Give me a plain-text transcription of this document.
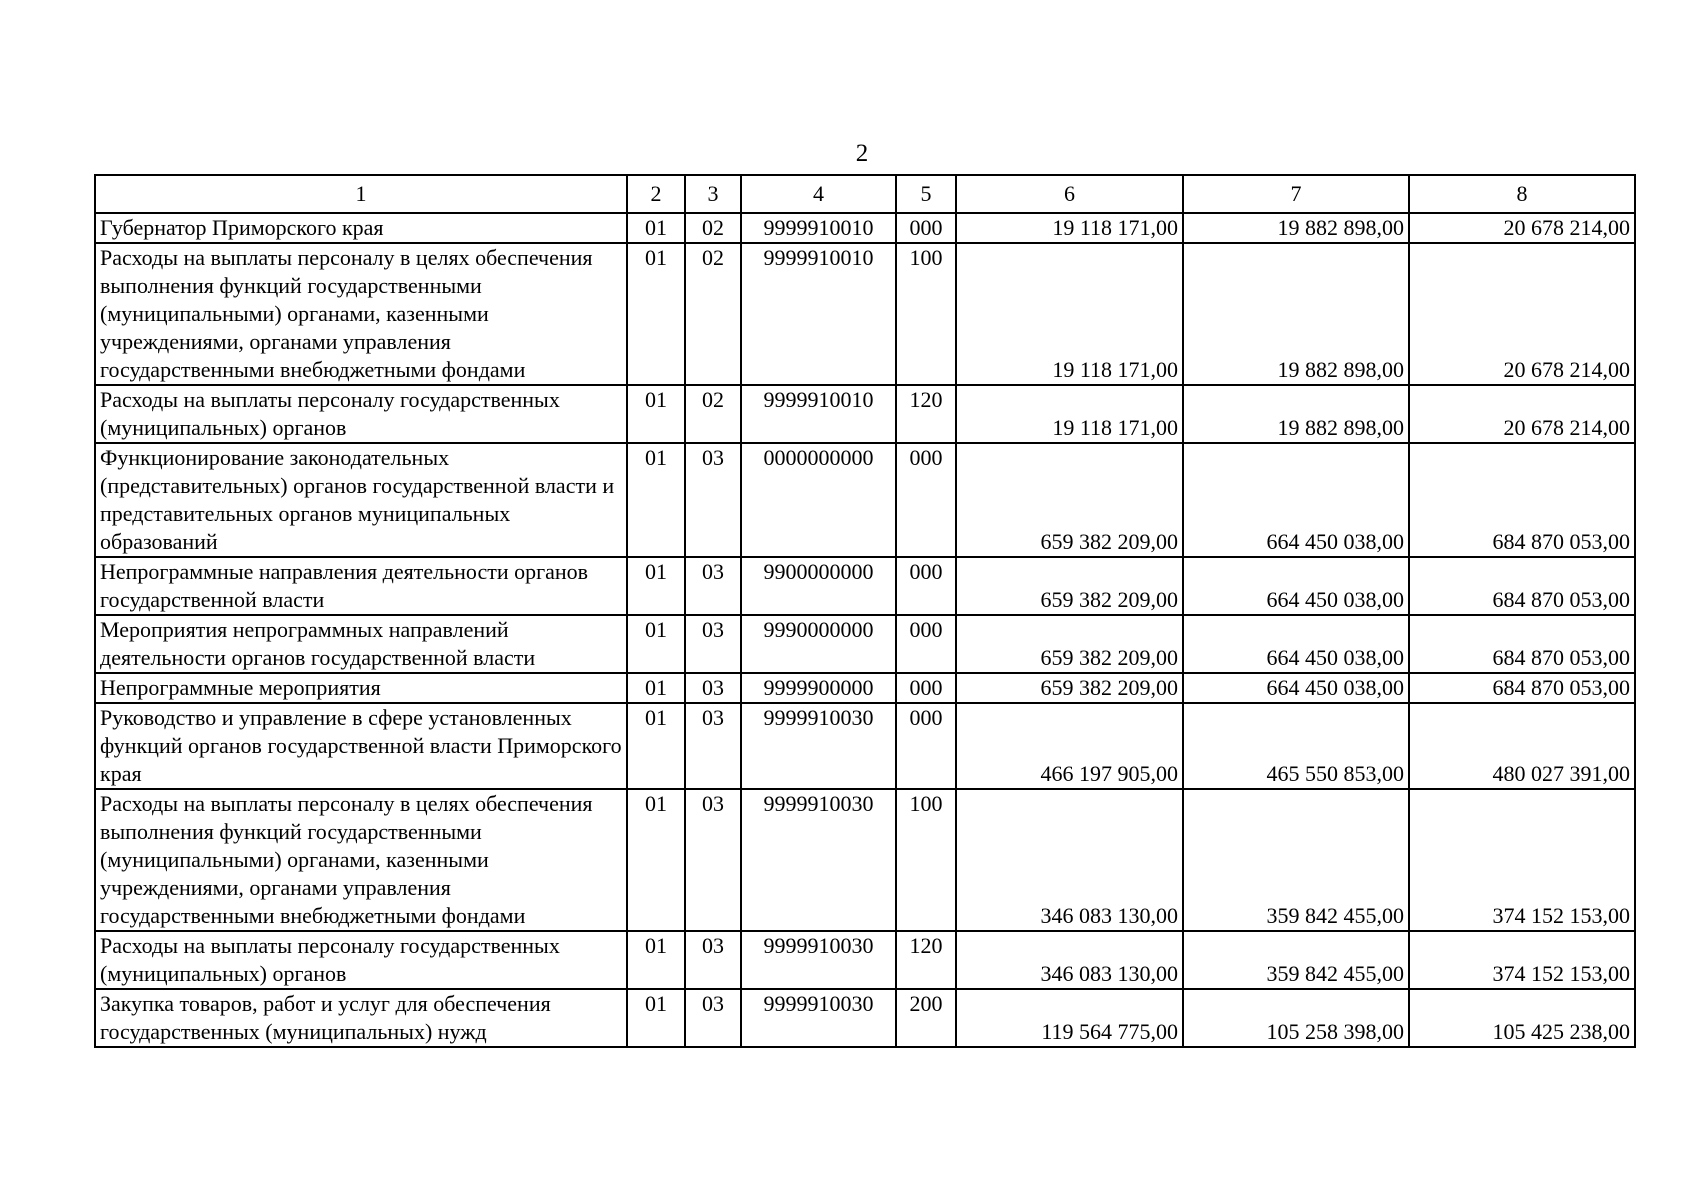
2
1	2	3	4	5	6	7	8
Губернатор Приморского края	01	02	9999910010	000	19 118 171,00	19 882 898,00	20 678 214,00
Расходы на выплаты персоналу в целях обеспечения выполнения функций государственными (муниципальными) органами, казенными учреждениями, органами управления государственными внебюджетными фондами	01	02	9999910010	100	19 118 171,00	19 882 898,00	20 678 214,00
Расходы на выплаты персоналу государственных (муниципальных) органов	01	02	9999910010	120	19 118 171,00	19 882 898,00	20 678 214,00
Функционирование законодательных (представительных) органов государственной власти и представительных органов муниципальных образований	01	03	0000000000	000	659 382 209,00	664 450 038,00	684 870 053,00
Непрограммные направления деятельности органов государственной власти	01	03	9900000000	000	659 382 209,00	664 450 038,00	684 870 053,00
Мероприятия непрограммных направлений деятельности органов государственной власти	01	03	9990000000	000	659 382 209,00	664 450 038,00	684 870 053,00
Непрограммные мероприятия	01	03	9999900000	000	659 382 209,00	664 450 038,00	684 870 053,00
Руководство и управление в сфере установленных функций органов государственной власти Приморского края	01	03	9999910030	000	466 197 905,00	465 550 853,00	480 027 391,00
Расходы на выплаты персоналу в целях обеспечения выполнения функций государственными (муниципальными) органами, казенными учреждениями, органами управления государственными внебюджетными фондами	01	03	9999910030	100	346 083 130,00	359 842 455,00	374 152 153,00
Расходы на выплаты персоналу государственных (муниципальных) органов	01	03	9999910030	120	346 083 130,00	359 842 455,00	374 152 153,00
Закупка товаров, работ и услуг для обеспечения государственных (муниципальных) нужд	01	03	9999910030	200	119 564 775,00	105 258 398,00	105 425 238,00
